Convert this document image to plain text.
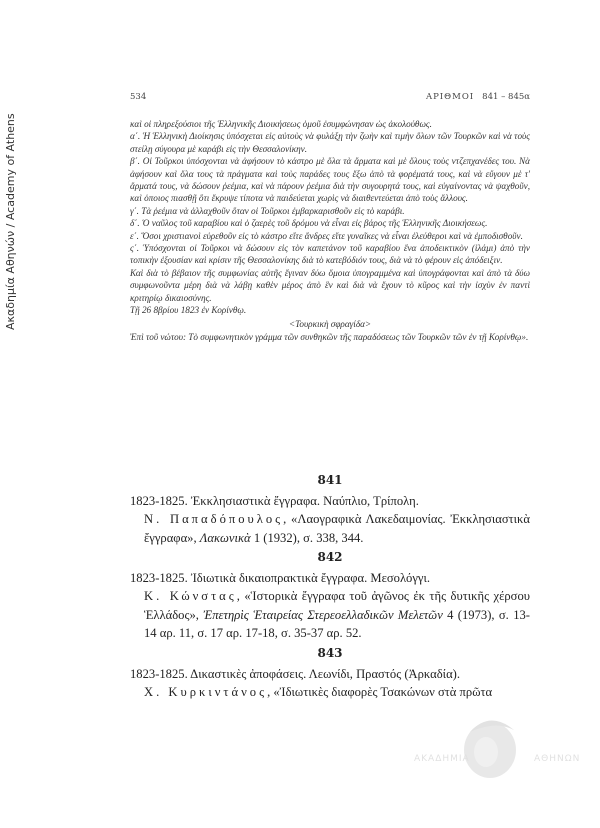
Ακαδημία Αθηνών / Academy of Athens
534	ΑΡΙΘΜΟΙ 841 – 845α

καὶ οἱ πληρεξούσιοι τῆς Ἑλληνικῆς Διοικήσεως ὁμοῦ ἐσυμφώνησαν ὡς ἀκολούθως.

α΄. Ἡ Ἑλληνικὴ Διοίκησις ὑπόσχεται εἰς αὐτοὺς νὰ φυλάξῃ τὴν ζωὴν καὶ τιμὴν ὅλων τῶν Τουρκῶν καὶ νὰ τοὺς στείλῃ σύγουρα μὲ καράβι εἰς τὴν Θεσσαλονίκην.

β΄. Οἱ Τοῦρκοι ὑπόσχονται νὰ ἀφήσουν τὸ κάστρο μὲ ὅλα τὰ ἅρματα καὶ μὲ ὅλους τοὺς ντζεπχανέδες του. Νὰ ἀφήσουν καὶ ὅλα τους τὰ πράγματα καὶ τοὺς παράδες τους ἔξω ἀπὸ τὰ φορέματά τους, καὶ νὰ εὔγουν μὲ τ' ἅρματά τους, νὰ δώσουν ῥεέμια, καὶ νὰ πάρουν ῥεέμια διὰ τὴν συγουρητά τους, καὶ εὐγαίνοντας νὰ ψαχθοῦν, καὶ ὁποιος πιασθῇ ὅτι ἔκρυψε τίποτα νὰ παιδεύεται χωρὶς νὰ διαιθεντεύεται ἀπὸ τοὺς ἄλλους.

γ΄. Τὰ ῥεέμια νὰ ἀλλαχθοῦν ὅταν οἱ Τοῦρκοι ἐμβαρκαρισθοῦν εἰς τὸ καράβι.

δ΄. Ὁ ναῦλος τοῦ καραβίου καὶ ὁ ζαερὲς τοῦ δρόμου νὰ εἶναι εἰς βάρος τῆς Ἑλληνικῆς Διοικήσεως.

ε΄. Ὅσοι χριστιανοὶ εὑρεθοῦν εἰς τὸ κάστρο εἴτε ἄνδρες εἴτε γυναῖκες νὰ εἶναι ἐλεύθεροι καὶ νὰ ἐμποδισθοῦν.

ς΄. Ὑπόσχονται οἱ Τοῦρκοι νὰ δώσουν εἰς τὸν καπετάνον τοῦ καραβίου ἕνα ἀποδεικτικὸν (ἰλάμι) ἀπὸ τὴν τοπικὴν ἐξουσίαν καὶ κρίσιν τῆς Θεσσαλονίκης διὰ τὸ κατεβόδιόν τους, διὰ νὰ τὸ φέρουν εἰς ἀπόδειξιν.

Καὶ διὰ τὸ βέβαιον τῆς συμφωνίας αὐτῆς ἔγιναν δύω ὅμοια ὑπογραμμένα καὶ ὑπογράφονται καὶ ἀπὸ τὰ δύω συμφωνοῦντα μέρη διὰ νὰ λάβῃ καθὲν μέρος ἀπὸ ἓν καὶ διὰ νὰ ἔχουν τὸ κῦρος καὶ τὴν ἰσχὺν ἐν παντὶ κριτηρίῳ δικαιοσύνης.

Τῇ 26 8βρίου 1823 ἐν Κορίνθῳ.

<Τουρκικὴ σφραγίδα>

Ἐπὶ τοῦ νώτου: Τὸ συμφωνητικὸν γράμμα τῶν συνθηκῶν τῆς παραδόσεως τῶν Τουρκῶν τῶν ἐν τῇ Κορίνθῳ».

841

1823-1825. Ἐκκλησιαστικὰ ἔγγραφα. Ναύπλιο, Τρίπολη.

Ν. Παπαδόπουλος, «Λαογραφικὰ Λακεδαιμονίας. Ἐκκλησιαστικὰ ἔγγραφα», Λακωνικὰ 1 (1932), σ. 338, 344.

842

1823-1825. Ἰδιωτικὰ δικαιοπρακτικὰ ἔγγραφα. Μεσολόγγι.

Κ. Κώνστας, «Ἱστορικὰ ἔγγραφα τοῦ ἀγῶνος ἐκ τῆς δυτικῆς χέρσου Ἑλλάδος», Ἐπετηρὶς Ἑταιρείας Στερεοελλαδικῶν Μελετῶν 4 (1973), σ. 13-14 αρ. 11, σ. 17 αρ. 17-18, σ. 35-37 αρ. 52.

843

1823-1825. Δικαστικὲς ἀποφάσεις. Λεωνίδι, Πραστός (Ἀρκαδία).

Χ. Κυρκιντάνος, «Ἰδιωτικὲς διαφορὲς Τσακώνων στὰ πρῶτα

ΑΚΑΔΗΜΙΑ	ΑΘΗΝΩΝ
